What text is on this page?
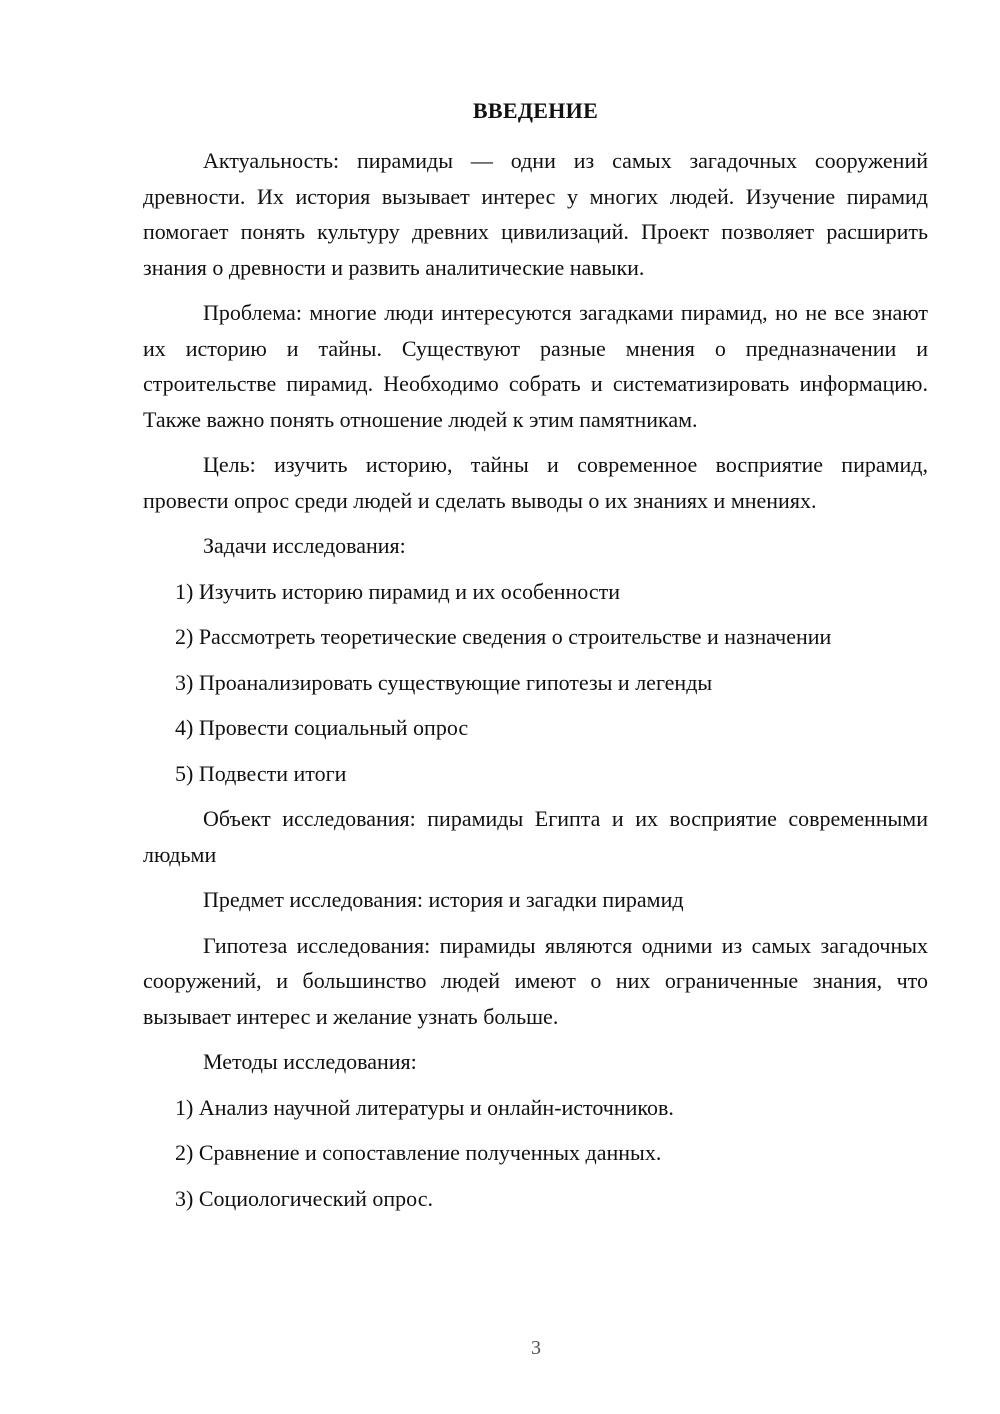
ВВЕДЕНИЕ

Актуальность: пирамиды — одни из самых загадочных сооружений древности. Их история вызывает интерес у многих людей. Изучение пирамид помогает понять культуру древних цивилизаций. Проект позволяет расширить знания о древности и развить аналитические навыки.

Проблема: многие люди интересуются загадками пирамид, но не все знают их историю и тайны. Существуют разные мнения о предназначении и строительстве пирамид. Необходимо собрать и систематизировать информацию. Также важно понять отношение людей к этим памятникам.

Цель: изучить историю, тайны и современное восприятие пирамид, провести опрос среди людей и сделать выводы о их знаниях и мнениях.

Задачи исследования:

1) Изучить историю пирамид и их особенности

2) Рассмотреть теоретические сведения о строительстве и назначении

3) Проанализировать существующие гипотезы и легенды

4) Провести социальный опрос

5) Подвести итоги

Объект исследования: пирамиды Египта и их восприятие современными людьми

Предмет исследования: история и загадки пирамид

Гипотеза исследования: пирамиды являются одними из самых загадочных сооружений, и большинство людей имеют о них ограниченные знания, что вызывает интерес и желание узнать больше.

Методы исследования:

1) Анализ научной литературы и онлайн-источников.

2) Сравнение и сопоставление полученных данных.

3) Социологический опрос.

3
